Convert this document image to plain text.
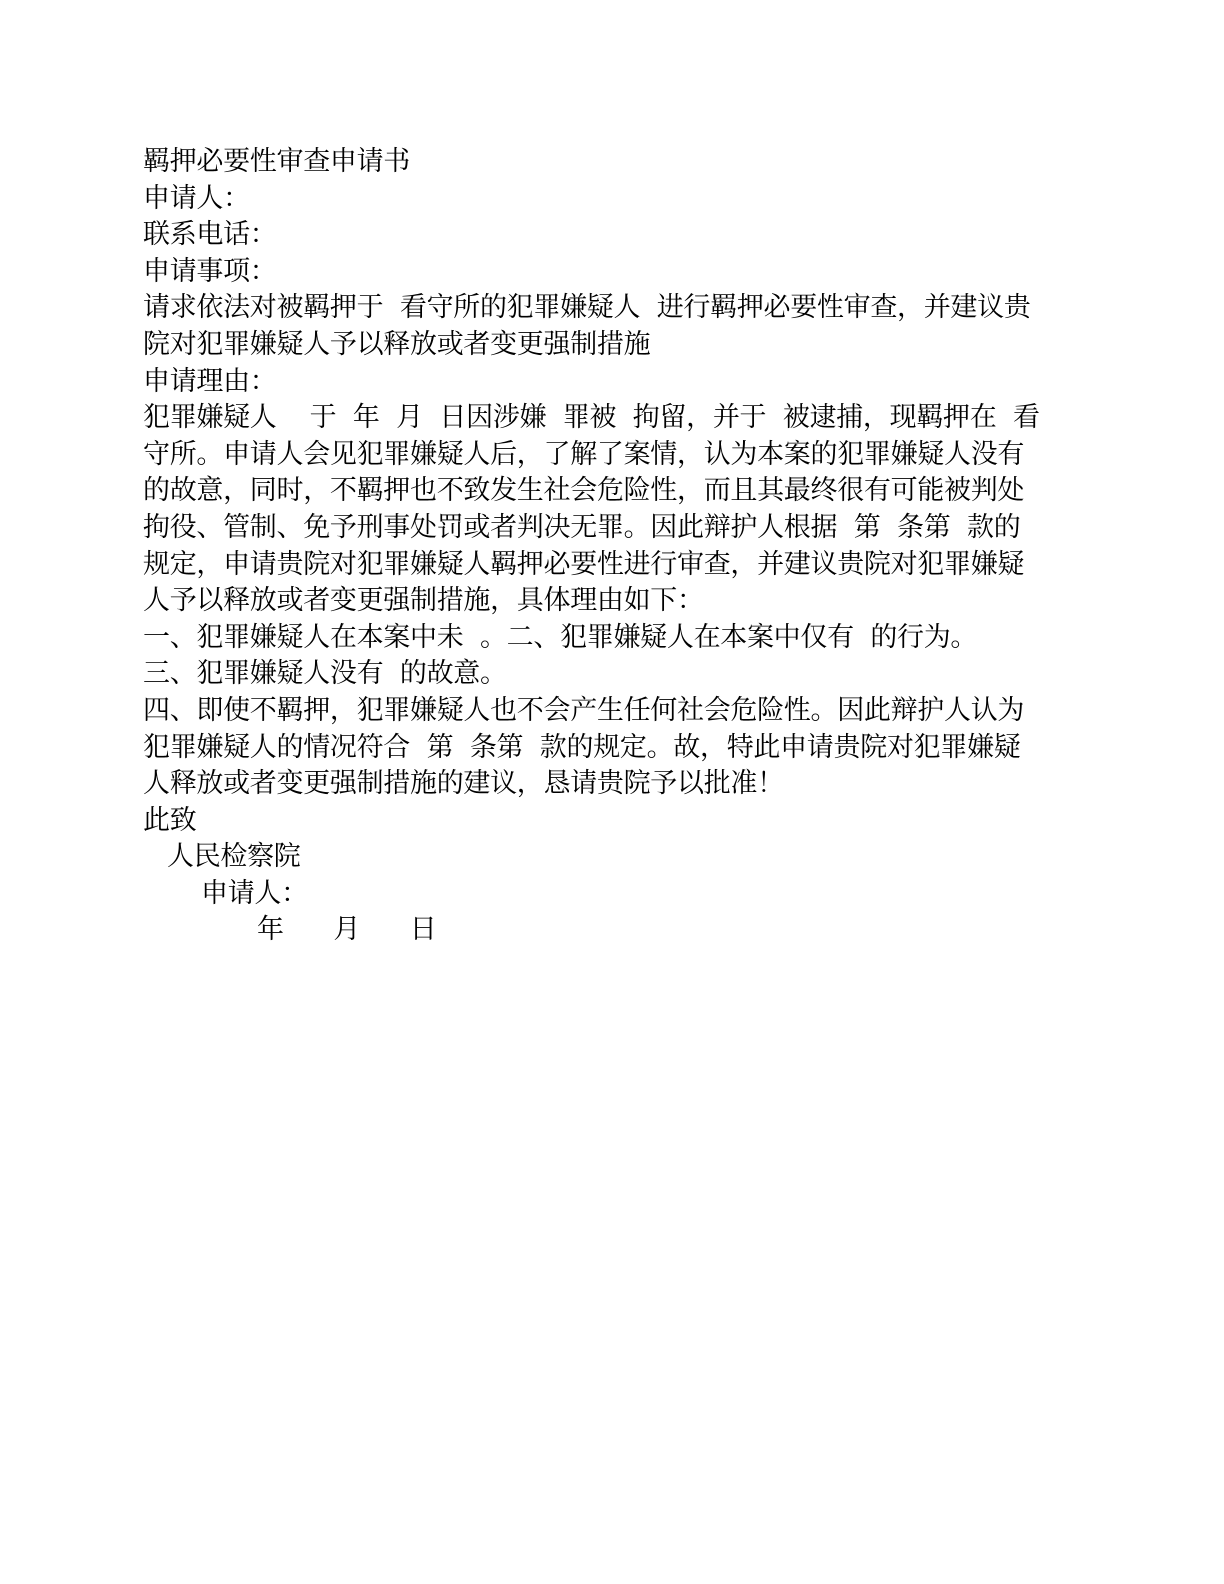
羁押必要性审查申请书
申请人：
联系电话：
申请事项：
请求依法对被羁押于  看守所的犯罪嫌疑人  进行羁押必要性审查，并建议贵
院对犯罪嫌疑人予以释放或者变更强制措施
申请理由：
犯罪嫌疑人    于  年  月  日因涉嫌  罪被  拘留，并于  被逮捕，现羁押在  看
守所。申请人会见犯罪嫌疑人后，了解了案情，认为本案的犯罪嫌疑人没有
的故意，同时，不羁押也不致发生社会危险性，而且其最终很有可能被判处
拘役、管制、免予刑事处罚或者判决无罪。因此辩护人根据  第  条第  款的
规定，申请贵院对犯罪嫌疑人羁押必要性进行审查，并建议贵院对犯罪嫌疑
人予以释放或者变更强制措施，具体理由如下：
一、犯罪嫌疑人在本案中未  。二、犯罪嫌疑人在本案中仅有  的行为。
三、犯罪嫌疑人没有  的故意。
四、即使不羁押，犯罪嫌疑人也不会产生任何社会危险性。因此辩护人认为
犯罪嫌疑人的情况符合  第  条第  款的规定。故，特此申请贵院对犯罪嫌疑
人释放或者变更强制措施的建议，恳请贵院予以批准！
此致
人民检察院
申请人：
年      月      日
